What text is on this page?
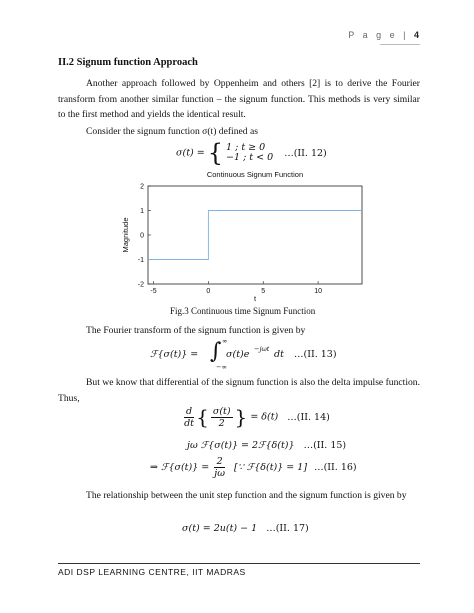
P a g e | 4
II.2 Signum function Approach
Another approach followed by Oppenheim and others [2] is to derive the Fourier transform from another similar function – the signum function. This methods is very similar to the first method and yields the identical result.
Consider the signum function σ(t) defined as
σ(t) = { 1 ; t ≥ 0
−1 ; t < 0 …(II. 12)
Continuous Signum Function
-2
-1
0
1
2
-5	0	5	10
t
Magnitude
Fig.3 Continuous time Signum Function
The Fourier transform of the signum function is given by
ℱ{σ(t)} = ∫ ∞
−∞
σ(t)e −jωt dt …(II. 13)
But we know that differential of the signum function is also the delta impulse function. Thus,
$\frac{d}{dt}$ { $\frac{\sigma(t)}{2}$ } = δ(t) …(II. 14)
jω ℱ{σ(t)} = 2ℱ{δ(t)} …(II. 15)
⇒ ℱ{σ(t)} = $\frac{2}{j\omega}$ [∵ ℱ{δ(t)} = 1] …(II. 16)
The relationship between the unit step function and the signum function is given by
σ(t) = 2u(t) − 1 …(II. 17)
ADI DSP LEARNING CENTRE, IIT MADRAS
